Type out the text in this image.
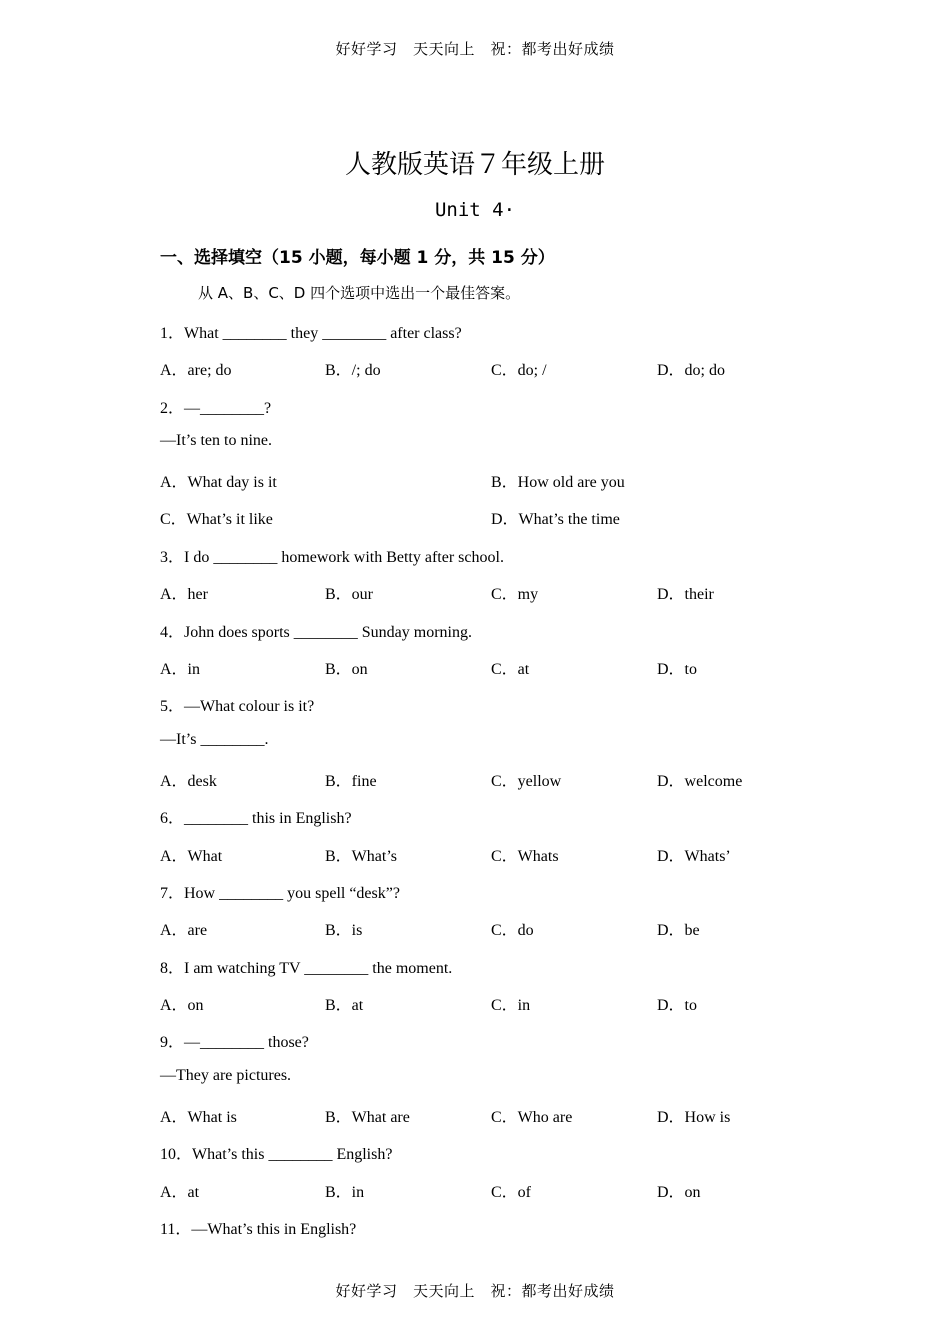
好好学习　天天向上　祝：都考出好成绩
人教版英语７年级上册
Unit 4·
一、选择填空（15 小题，每小题 1 分，共 15 分）
从 A、B、C、D 四个选项中选出一个最佳答案。
1．What ________ they ________ after class?
A．are; do	B．/; do	C．do; /	D．do; do
2．—________?
—It’s ten to nine.
A．What day is it	B．How old are you
C．What’s it like	D．What’s the time
3．I do ________ homework with Betty after school.
A．her	B．our	C．my	D．their
4．John does sports ________ Sunday morning.
A．in	B．on	C．at	D．to
5．—What colour is it?
—It’s ________.
A．desk	B．fine	C．yellow	D．welcome
6．________ this in English?
A．What	B．What’s	C．Whats	D．Whats’
7．How ________ you spell “desk”?
A．are	B．is	C．do	D．be
8．I am watching TV ________ the moment.
A．on	B．at	C．in	D．to
9．—________ those?
—They are pictures.
A．What is	B．What are	C．Who are	D．How is
10．What’s this ________ English?
A．at	B．in	C．of	D．on
11．—What’s this in English?
好好学习　天天向上　祝：都考出好成绩
